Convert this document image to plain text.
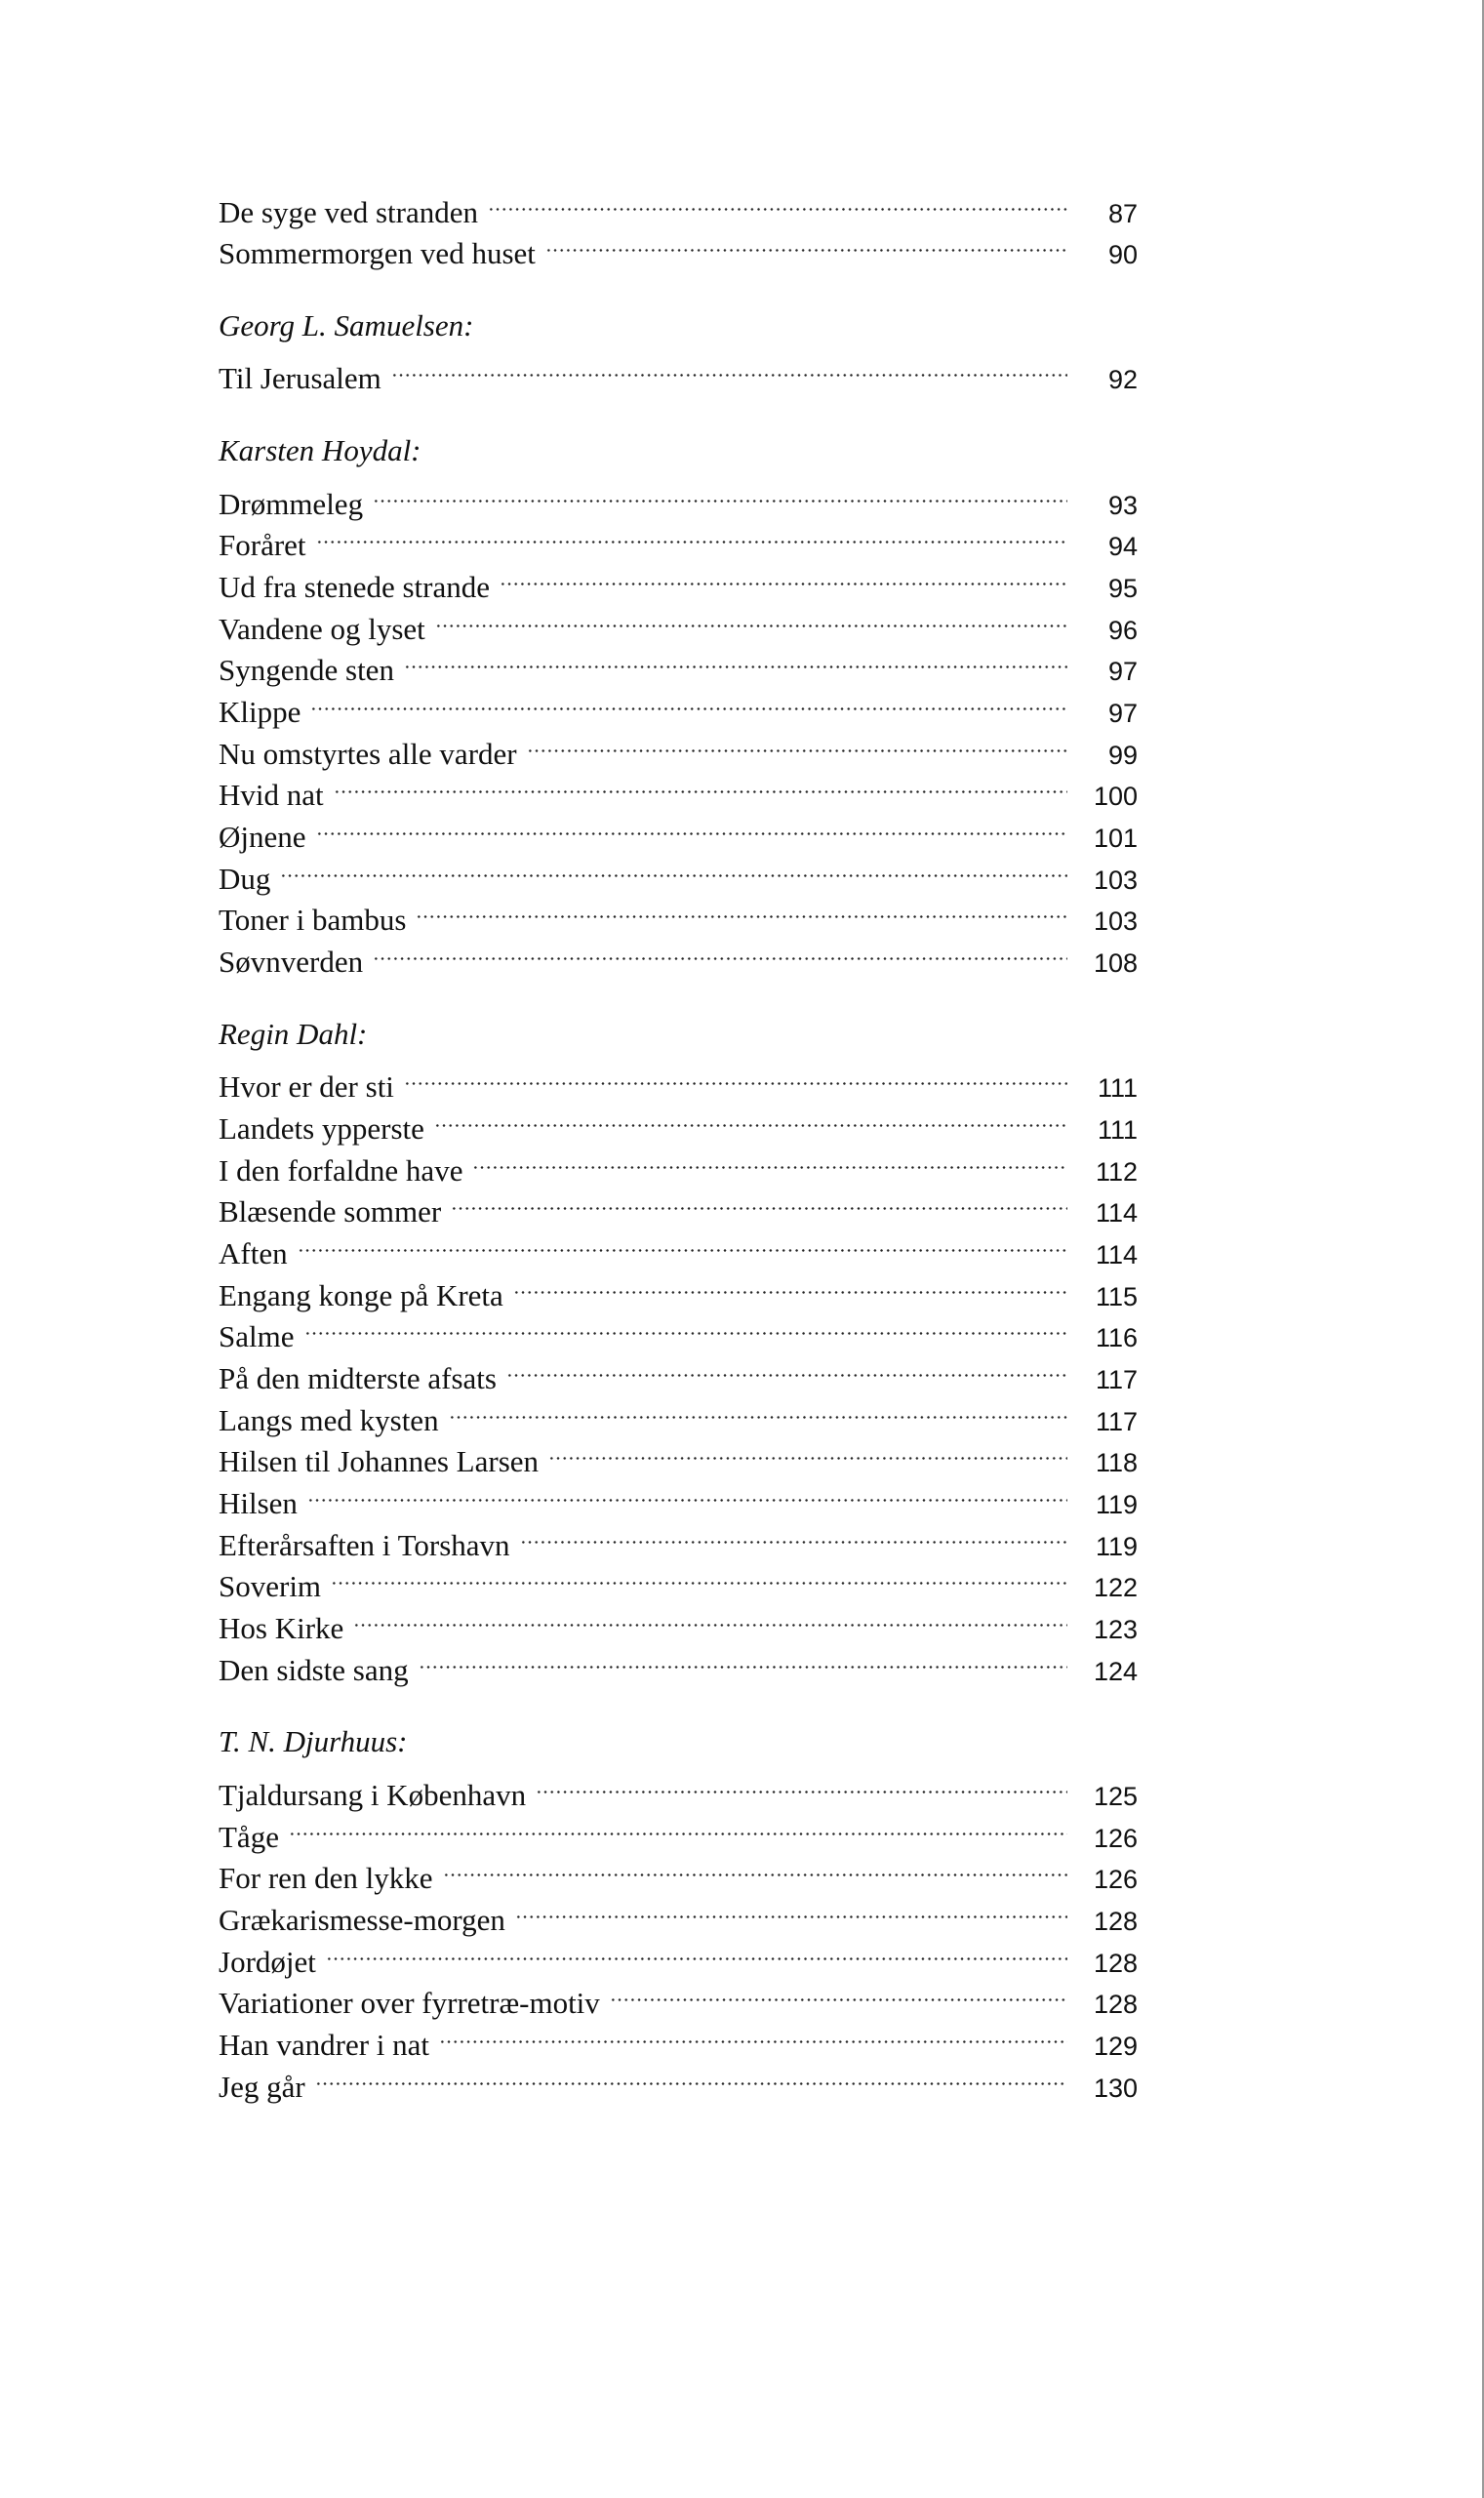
De syge ved stranden	87
Sommermorgen ved huset	90
Georg L. Samuelsen:
Til Jerusalem	92
Karsten Hoydal:
Drømmeleg	93
Foråret	94
Ud fra stenede strande	95
Vandene og lyset	96
Syngende sten	97
Klippe	97
Nu omstyrtes alle varder	99
Hvid nat	100
Øjnene	101
Dug	103
Toner i bambus	103
Søvnverden	108
Regin Dahl:
Hvor er der sti	111
Landets ypperste	111
I den forfaldne have	112
Blæsende sommer	114
Aften	114
Engang konge på Kreta	115
Salme	116
På den midterste afsats	117
Langs med kysten	117
Hilsen til Johannes Larsen	118
Hilsen	119
Efterårsaften i Torshavn	119
Soverim	122
Hos Kirke	123
Den sidste sang	124
T. N. Djurhuus:
Tjaldursang i København	125
Tåge	126
For ren den lykke	126
Grækarismesse-morgen	128
Jordøjet	128
Variationer over fyrretræ-motiv	128
Han vandrer i nat	129
Jeg går	130
